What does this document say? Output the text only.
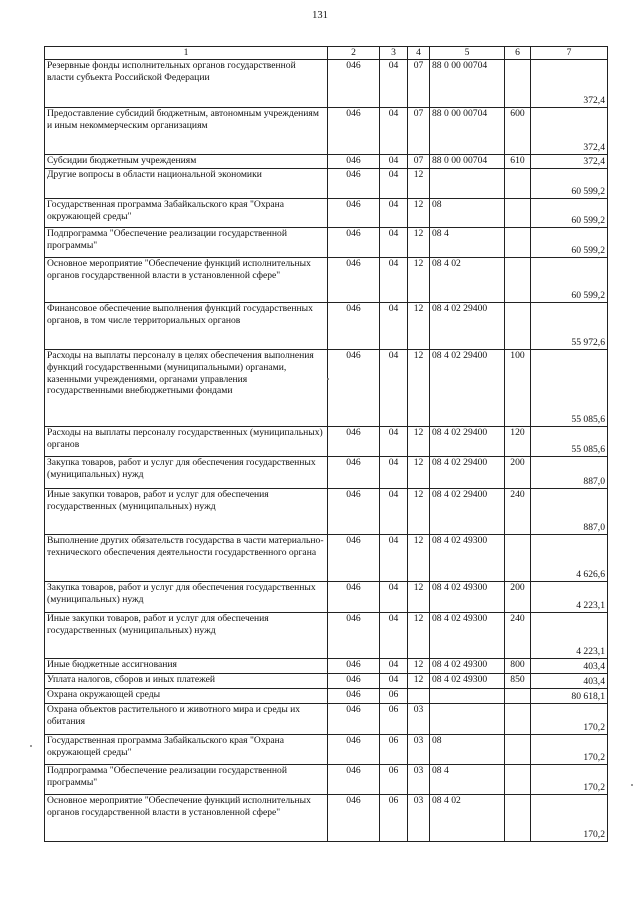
131
1	2	3	4	5	6	7
Резервные фонды исполнительных органов государственной власти субъекта Российской Федерации	046	04	07	88 0 00 00704		372,4
Предоставление субсидий бюджетным, автономным учреждениям и иным некоммерческим организациям	046	04	07	88 0 00 00704	600	372,4
Субсидии бюджетным учреждениям	046	04	07	88 0 00 00704	610	372,4
Другие вопросы в области национальной экономики	046	04	12			60 599,2
Государственная программа Забайкальского края "Охрана окружающей среды"	046	04	12	08		60 599,2
Подпрограмма "Обеспечение реализации государственной программы"	046	04	12	08 4		60 599,2
Основное мероприятие "Обеспечение функций исполнительных органов государственной власти в установленной сфере"	046	04	12	08 4 02		60 599,2
Финансовое обеспечение выполнения функций государственных органов, в том числе территориальных органов	046	04	12	08 4 02 29400		55 972,6
Расходы на выплаты персоналу в целях обеспечения выполнения функций государственными (муниципальными) органами, казенными учреждениями, органами управления государственными внебюджетными фондами	046	04	12	08 4 02 29400	100	55 085,6
Расходы на выплаты персоналу государственных (муниципальных) органов	046	04	12	08 4 02 29400	120	55 085,6
Закупка товаров, работ и услуг для обеспечения государственных (муниципальных) нужд	046	04	12	08 4 02 29400	200	887,0
Иные закупки товаров, работ и услуг для обеспечения государственных (муниципальных) нужд	046	04	12	08 4 02 29400	240	887,0
Выполнение других обязательств государства в части материально-технического обеспечения деятельности государственного органа	046	04	12	08 4 02 49300		4 626,6
Закупка товаров, работ и услуг для обеспечения государственных (муниципальных) нужд	046	04	12	08 4 02 49300	200	4 223,1
Иные закупки товаров, работ и услуг для обеспечения государственных (муниципальных) нужд	046	04	12	08 4 02 49300	240	4 223,1
Иные бюджетные ассигнования	046	04	12	08 4 02 49300	800	403,4
Уплата налогов, сборов и иных платежей	046	04	12	08 4 02 49300	850	403,4
Охрана окружающей среды	046	06				80 618,1
Охрана объектов растительного и животного мира и среды их обитания	046	06	03			170,2
Государственная программа Забайкальского края "Охрана окружающей среды"	046	06	03	08		170,2
Подпрограмма "Обеспечение реализации государственной программы"	046	06	03	08 4		170,2
Основное мероприятие "Обеспечение функций исполнительных органов государственной власти в установленной сфере"	046	06	03	08 4 02		170,2
